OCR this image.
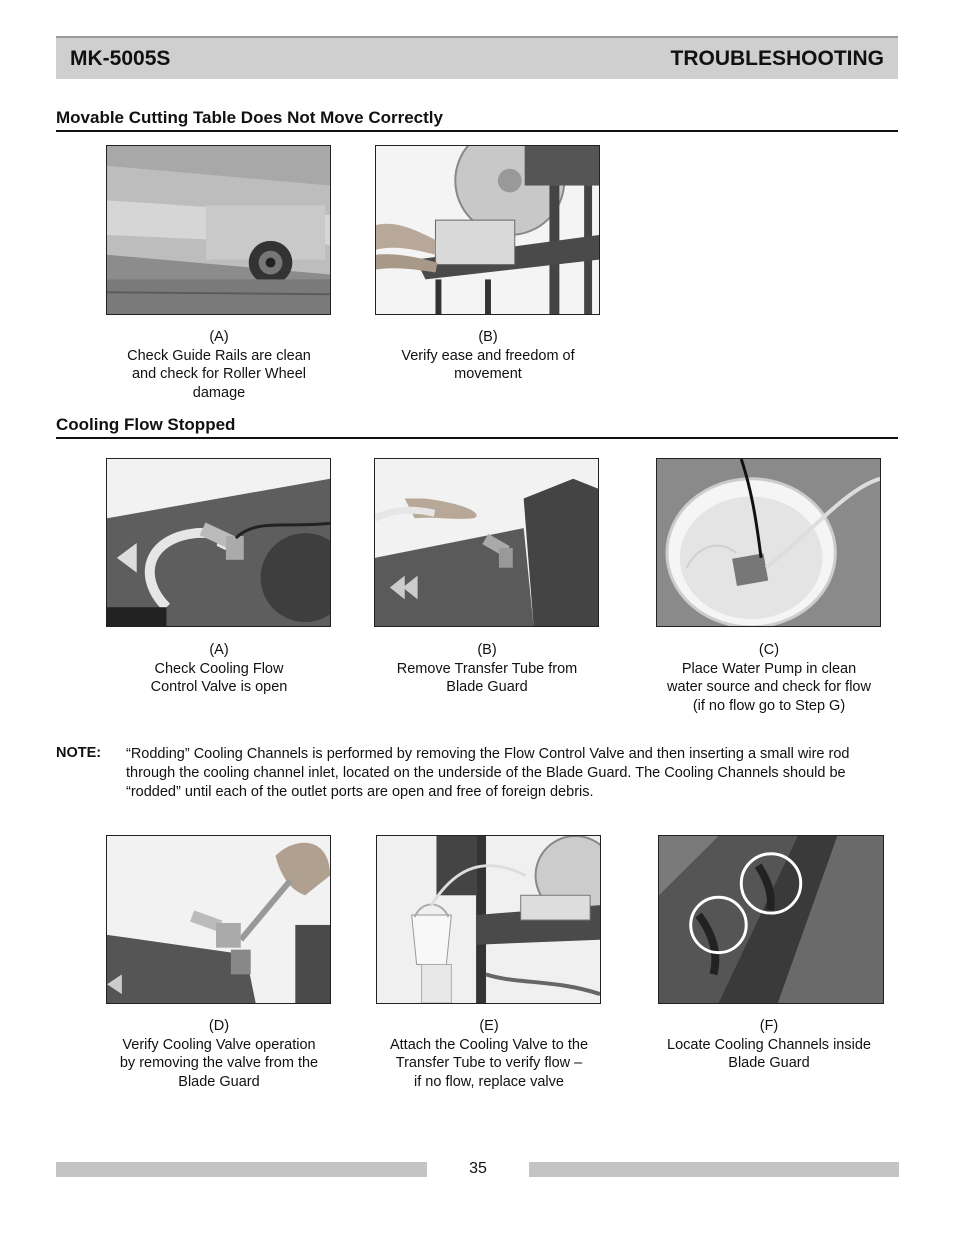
MK-5005S	TROUBLESHOOTING
Movable Cutting Table Does Not Move Correctly
(A)
Check Guide Rails are clean
and check for Roller Wheel
damage
(B)
Verify ease and freedom of
movement
Cooling Flow Stopped
(A)
Check Cooling Flow
Control Valve is open
(B)
Remove Transfer Tube from
Blade Guard
(C)
Place Water Pump in clean
water source and check for flow
(if no flow go to Step G)
NOTE: “Rodding” Cooling Channels is performed by removing the Flow Control Valve and then inserting a small wire rod through the cooling channel inlet, located on the underside of the Blade Guard. The Cooling Channels should be “rodded” until each of the outlet ports are open and free of foreign debris.
(D)
Verify Cooling Valve operation
by removing the valve from the
Blade Guard
(E)
Attach the Cooling Valve to the
Transfer Tube to verify flow –
if no flow, replace valve
(F)
Locate Cooling Channels inside
Blade Guard
35
